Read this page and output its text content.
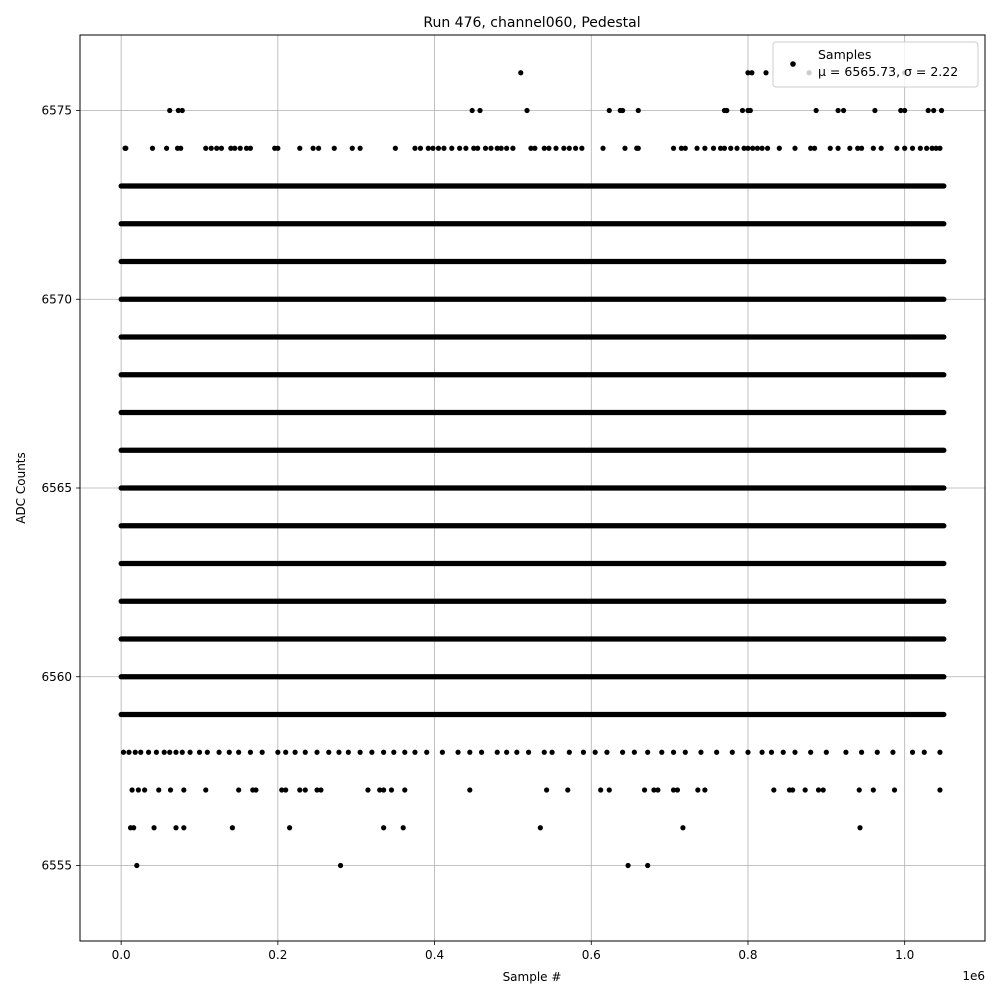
Run 476, channel060, Pedestal
0.0	0.2	0.4	0.6	0.8	1.0
6555
6560
6565
6570
6575
Sample #	1e6
ADC Counts
Samples
μ = 6565.73, σ = 2.22
